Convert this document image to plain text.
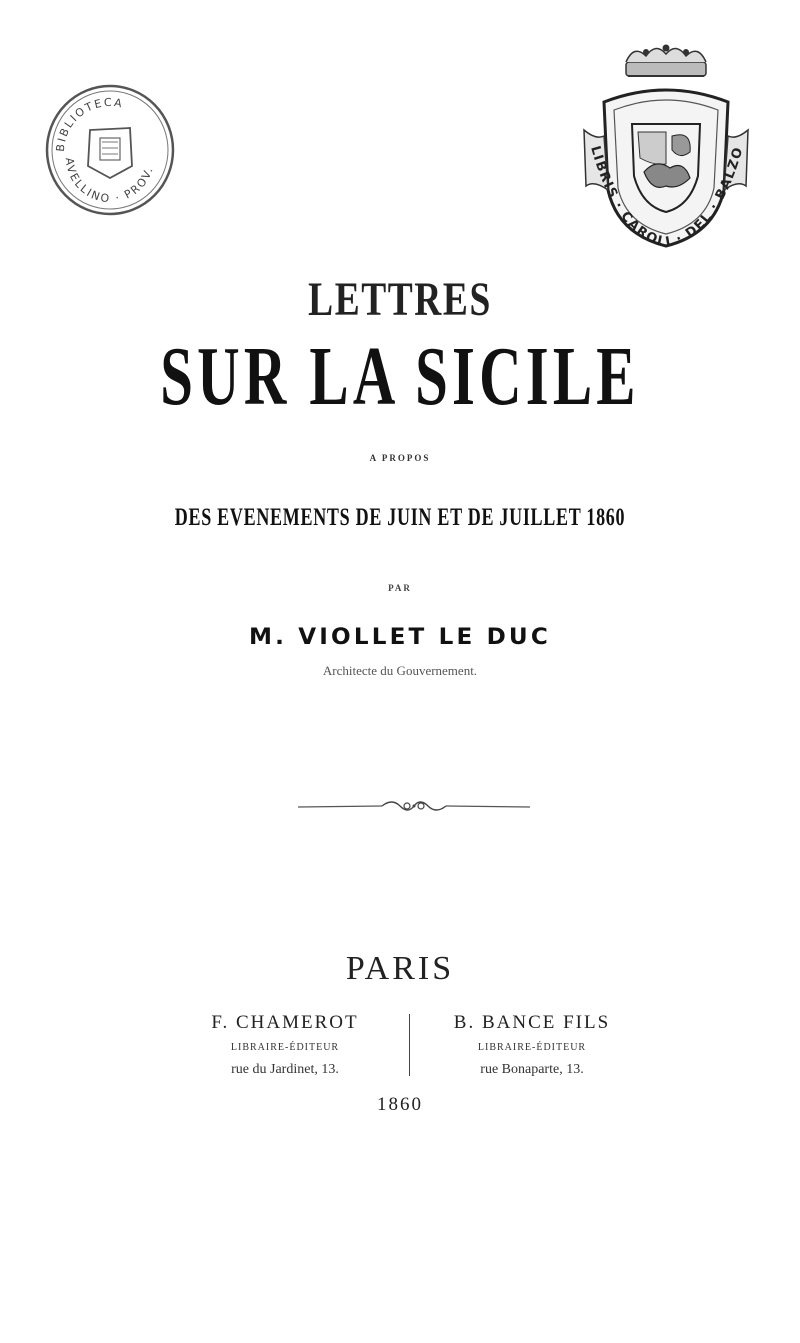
BIBLIOTECA
AVELLINO · PROV.
LIBRIS · CAROLI · DEL · BALZO
LETTRES
SUR LA SICILE
A PROPOS
DES EVENEMENTS DE JUIN ET DE JUILLET 1860
PAR
M. VIOLLET LE DUC
Architecte du Gouvernement.
PARIS
F. CHAMEROT
LIBRAIRE-ÉDITEUR
rue du Jardinet, 13.
B. BANCE FILS
LIBRAIRE-ÉDITEUR
rue Bonaparte, 13.
1860
